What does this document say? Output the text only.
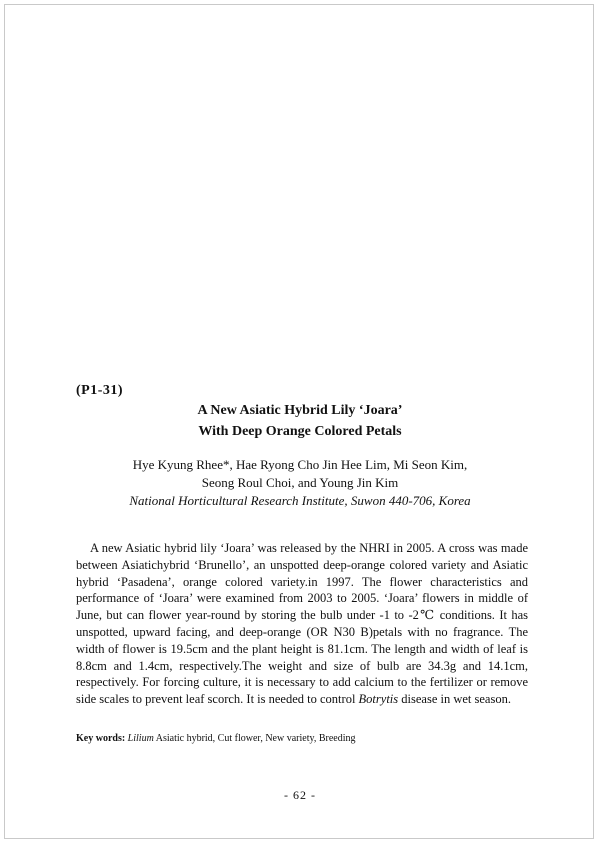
(P1-31)
A New Asiatic Hybrid Lily ‘Joara’
With Deep Orange Colored Petals
Hye Kyung Rhee*, Hae Ryong Cho Jin Hee Lim, Mi Seon Kim,
Seong Roul Choi, and Young Jin Kim
National Horticultural Research Institute, Suwon 440-706, Korea

A new Asiatic hybrid lily ‘Joara’ was released by the NHRI in 2005. A cross was made between Asiatichybrid ‘Brunello’, an unspotted deep-orange colored variety and Asiatic hybrid ‘Pasadena’, orange colored variety.in 1997. The flower characteristics and performance of ‘Joara’ were examined from 2003 to 2005. ‘Joara’ flowers in middle of June, but can flower year-round by storing the bulb under -1 to -2℃ conditions. It has unspotted, upward facing, and deep-orange (OR N30 B)petals with no fragrance. The width of flower is 19.5cm and the plant height is 81.1cm. The length and width of leaf is 8.8cm and 1.4cm, respectively.The weight and size of bulb are 34.3g and 14.1cm, respectively. For forcing culture, it is necessary to add calcium to the fertilizer or remove side scales to prevent leaf scorch. It is needed to control Botrytis disease in wet season.

Key words: Lilium Asiatic hybrid, Cut flower, New variety, Breeding
- 62 -
